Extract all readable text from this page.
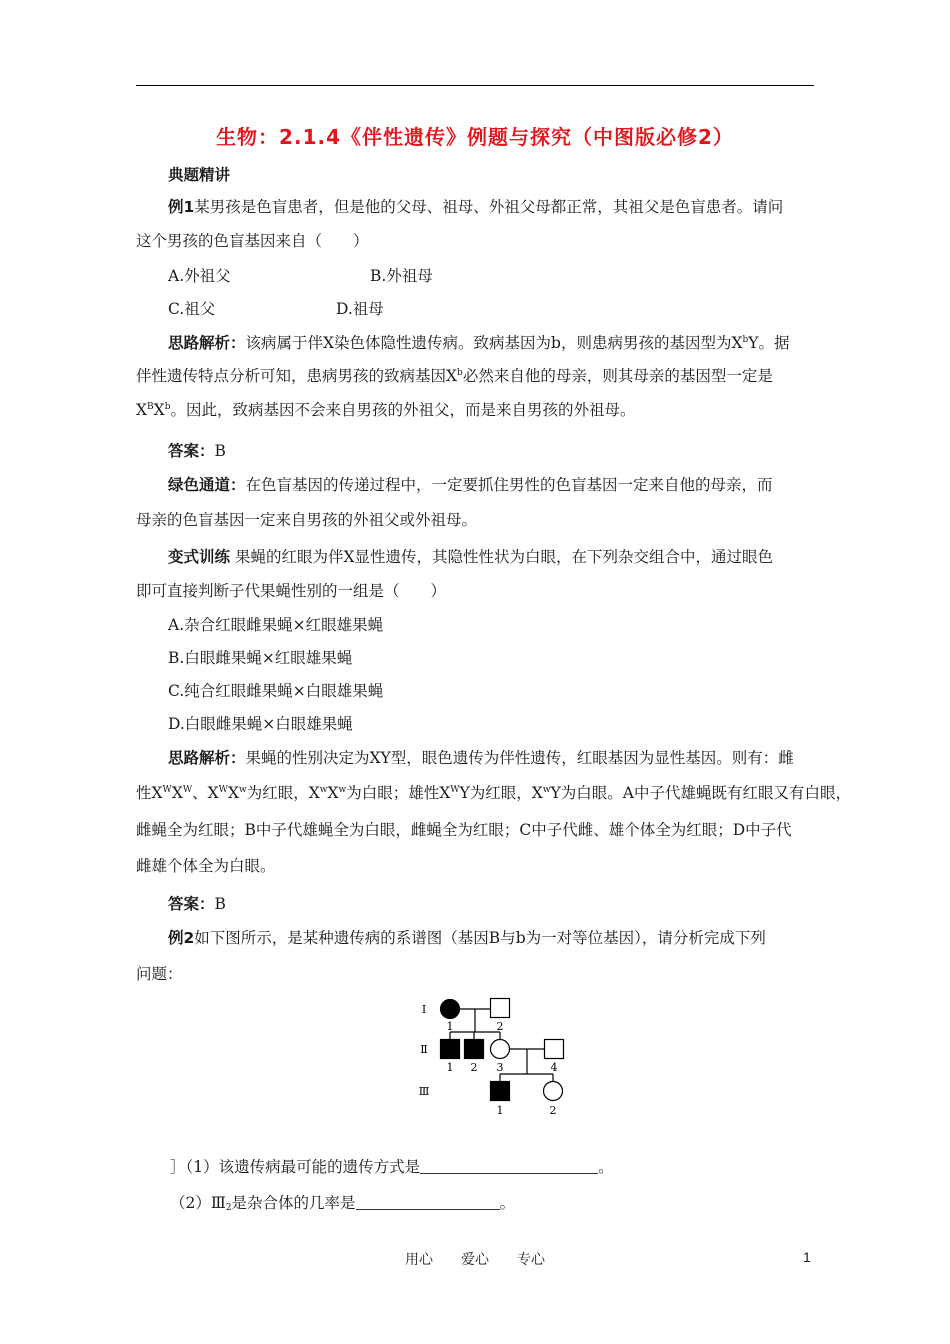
生物：2.1.4《伴性遗传》例题与探究（中图版必修2）
典题精讲
例1某男孩是色盲患者，但是他的父母、祖母、外祖父母都正常，其祖父是色盲患者。请问
这个男孩的色盲基因来自（　　）
A.外祖父	B.外祖母
C.祖父	D.祖母
思路解析：该病属于伴X染色体隐性遗传病。致病基因为b，则患病男孩的基因型为$X^bY$。据
伴性遗传特点分析可知，患病男孩的致病基因$X^b$必然来自他的母亲，则其母亲的基因型一定是
$X^BX^b$。因此，致病基因不会来自男孩的外祖父，而是来自男孩的外祖母。
答案：B
绿色通道：在色盲基因的传递过程中，一定要抓住男性的色盲基因一定来自他的母亲，而
母亲的色盲基因一定来自男孩的外祖父或外祖母。
变式训练 果蝇的红眼为伴X显性遗传，其隐性性状为白眼，在下列杂交组合中，通过眼色
即可直接判断子代果蝇性别的一组是（　　）
A.杂合红眼雌果蝇×红眼雄果蝇
B.白眼雌果蝇×红眼雄果蝇
C.纯合红眼雌果蝇×白眼雄果蝇
D.白眼雌果蝇×白眼雄果蝇
思路解析：果蝇的性别决定为XY型，眼色遗传为伴性遗传，红眼基因为显性基因。则有：雌
性$X^WX^W$、$X^WX^w$为红眼，$X^wX^w$为白眼；雄性$X^WY$为红眼，$X^wY$为白眼。A中子代雄蝇既有红眼又有白眼，
雌蝇全为红眼；B中子代雄蝇全为白眼，雌蝇全为红眼；C中子代雌、雄个体全为红眼；D中子代
雌雄个体全为白眼。
答案：B
例2如下图所示，是某种遗传病的系谱图（基因B与b为一对等位基因），请分析完成下列
问题：
Ⅰ
Ⅱ
Ⅲ
1	2
1 2 3	4
1	2
］（1）该遗传病最可能的遗传方式是	。
$(2)Ⅲ_2$是杂合体的几率是	。
用心 爱心 专心	1
